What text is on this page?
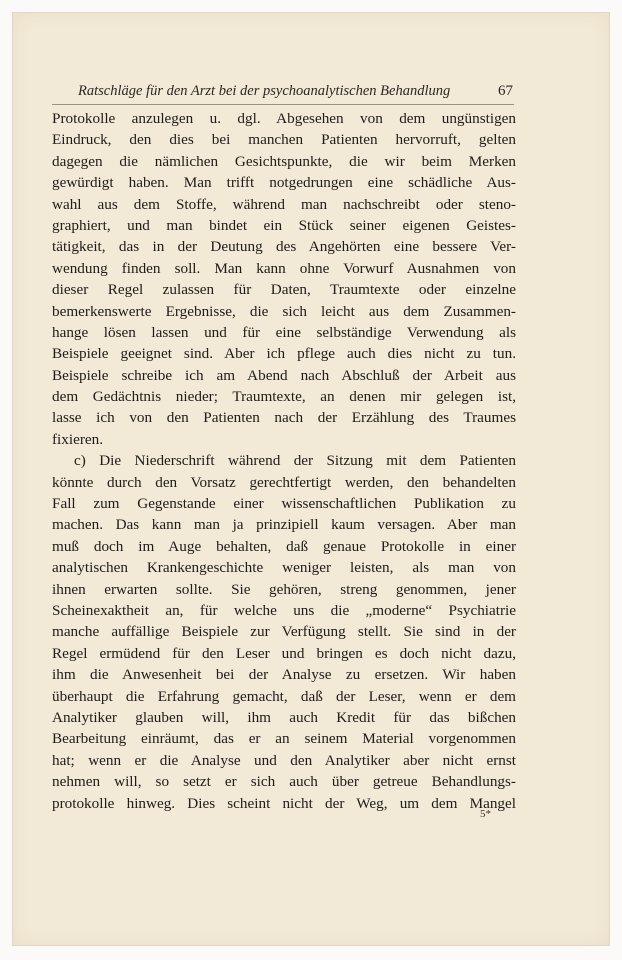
Ratschläge für den Arzt bei der psychoanalytischen Behandlung	67
Protokolle anzulegen u. dgl. Abgesehen von dem ungünstigen
Eindruck, den dies bei manchen Patienten hervorruft, gelten
dagegen die nämlichen Gesichtspunkte, die wir beim Merken
gewürdigt haben. Man trifft notgedrungen eine schädliche Aus-
wahl aus dem Stoffe, während man nachschreibt oder steno-
graphiert, und man bindet ein Stück seiner eigenen Geistes-
tätigkeit, das in der Deutung des Angehörten eine bessere Ver-
wendung finden soll. Man kann ohne Vorwurf Ausnahmen von
dieser Regel zulassen für Daten, Traumtexte oder einzelne
bemerkenswerte Ergebnisse, die sich leicht aus dem Zusammen-
hange lösen lassen und für eine selbständige Verwendung als
Beispiele geeignet sind. Aber ich pflege auch dies nicht zu tun.
Beispiele schreibe ich am Abend nach Abschluß der Arbeit aus
dem Gedächtnis nieder; Traumtexte, an denen mir gelegen ist,
lasse ich von den Patienten nach der Erzählung des Traumes
fixieren.
c) Die Niederschrift während der Sitzung mit dem Patienten
könnte durch den Vorsatz gerechtfertigt werden, den behandelten
Fall zum Gegenstande einer wissenschaftlichen Publikation zu
machen. Das kann man ja prinzipiell kaum versagen. Aber man
muß doch im Auge behalten, daß genaue Protokolle in einer
analytischen Krankengeschichte weniger leisten, als man von
ihnen erwarten sollte. Sie gehören, streng genommen, jener
Scheinexaktheit an, für welche uns die „moderne“ Psychiatrie
manche auffällige Beispiele zur Verfügung stellt. Sie sind in der
Regel ermüdend für den Leser und bringen es doch nicht dazu,
ihm die Anwesenheit bei der Analyse zu ersetzen. Wir haben
überhaupt die Erfahrung gemacht, daß der Leser, wenn er dem
Analytiker glauben will, ihm auch Kredit für das bißchen
Bearbeitung einräumt, das er an seinem Material vorgenommen
hat; wenn er die Analyse und den Analytiker aber nicht ernst
nehmen will, so setzt er sich auch über getreue Behandlungs-
protokolle hinweg. Dies scheint nicht der Weg, um dem Mangel
5*
